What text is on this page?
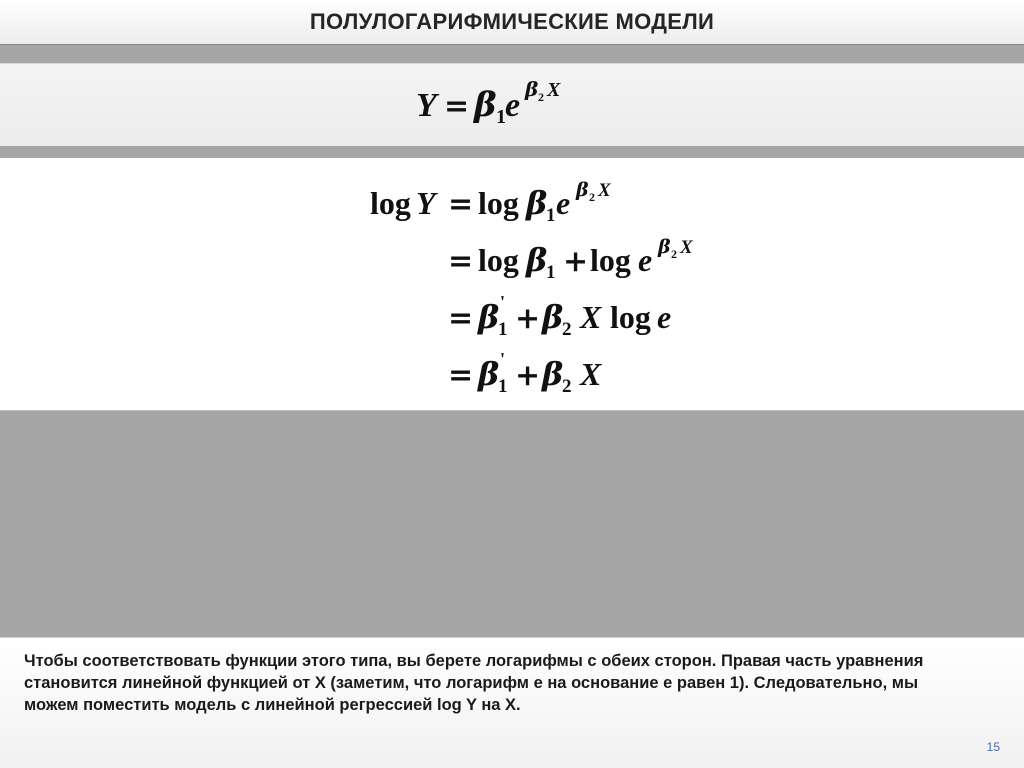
ПОЛУЛОГАРИФМИЧЕСКИЕ МОДЕЛИ
Y = β 1 e β 2 X
log Y = log β
1 e β 2 X
= log β
1 + log e β 2 X
= β '
1 + β
2 X log e
= β '
1 + β
2 X
Чтобы соответствовать функции этого типа, вы берете логарифмы с обеих сторон. Правая часть уравнения становится линейной функцией от X (заметим, что логарифм e на основание e равен 1). Следовательно, мы можем поместить модель с линейной регрессией log Y на X.
15
